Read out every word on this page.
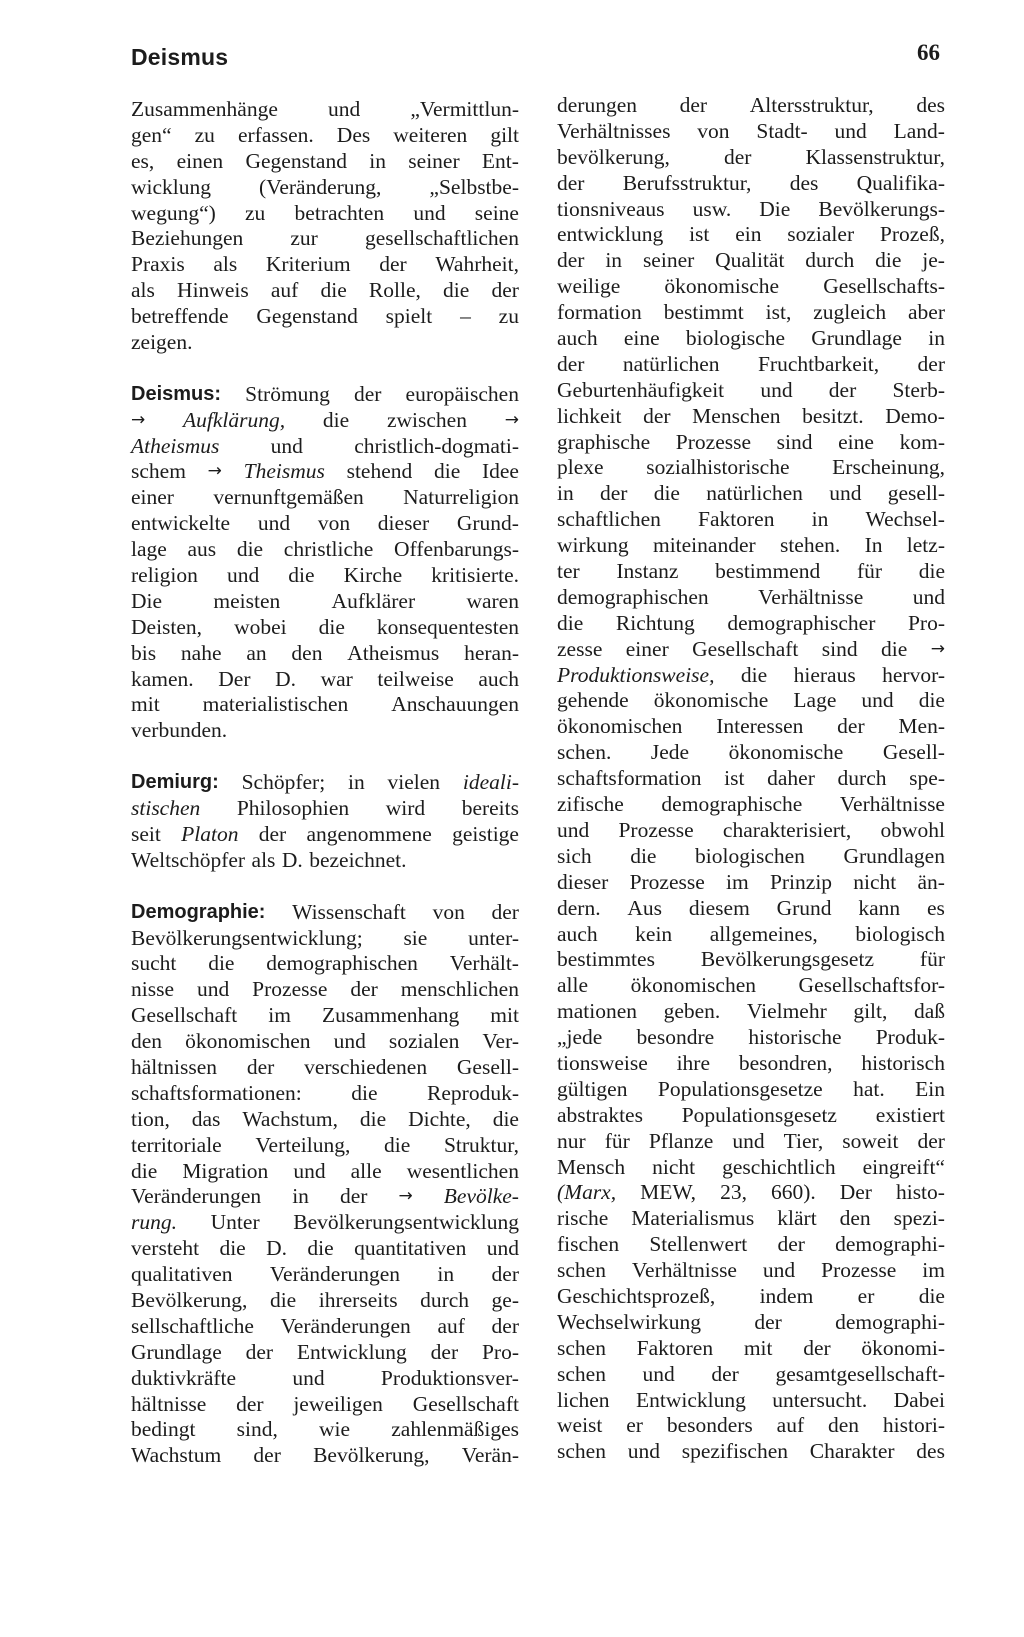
Deismus	66
Zusammenhänge und „Vermittlun-
gen“ zu erfassen. Des weiteren gilt
es, einen Gegenstand in seiner Ent-
wicklung (Veränderung, „Selbstbe-
wegung“) zu betrachten und seine
Beziehungen zur gesellschaftlichen
Praxis als Kriterium der Wahrheit,
als Hinweis auf die Rolle, die der
betreffende Gegenstand spielt – zu
zeigen.
Deismus: Strömung der europäischen
→ Aufklärung, die zwischen →
Atheismus und christlich-dogmati-
schem → Theismus stehend die Idee
einer vernunftgemäßen Naturreligion
entwickelte und von dieser Grund-
lage aus die christliche Offenbarungs-
religion und die Kirche kritisierte.
Die meisten Aufklärer waren
Deisten, wobei die konsequentesten
bis nahe an den Atheismus heran-
kamen. Der D. war teilweise auch
mit materialistischen Anschauungen
verbunden.
Demiurg: Schöpfer; in vielen ideali-
stischen Philosophien wird bereits
seit Platon der angenommene geistige
Weltschöpfer als D. bezeichnet.
Demographie: Wissenschaft von der
Bevölkerungsentwicklung; sie unter-
sucht die demographischen Verhält-
nisse und Prozesse der menschlichen
Gesellschaft im Zusammenhang mit
den ökonomischen und sozialen Ver-
hältnissen der verschiedenen Gesell-
schaftsformationen: die Reproduk-
tion, das Wachstum, die Dichte, die
territoriale Verteilung, die Struktur,
die Migration und alle wesentlichen
Veränderungen in der → Bevölke-
rung. Unter Bevölkerungsentwicklung
versteht die D. die quantitativen und
qualitativen Veränderungen in der
Bevölkerung, die ihrerseits durch ge-
sellschaftliche Veränderungen auf der
Grundlage der Entwicklung der Pro-
duktivkräfte	und	Produktionsver-
hältnisse der jeweiligen Gesellschaft
bedingt sind, wie zahlenmäßiges
Wachstum der Bevölkerung, Verän-
derungen der Altersstruktur, des
Verhältnisses von Stadt- und Land-
bevölkerung,	der	Klassenstruktur,
der Berufsstruktur, des Qualifika-
tionsniveaus usw. Die Bevölkerungs-
entwicklung ist ein sozialer Prozeß,
der in seiner Qualität durch die je-
weilige ökonomische Gesellschafts-
formation bestimmt ist, zugleich aber
auch eine biologische Grundlage in
der natürlichen Fruchtbarkeit, der
Geburtenhäufigkeit und der Sterb-
lichkeit der Menschen besitzt. Demo-
graphische Prozesse sind eine kom-
plexe sozialhistorische Erscheinung,
in der die natürlichen und gesell-
schaftlichen Faktoren in Wechsel-
wirkung miteinander stehen. In letz-
ter Instanz bestimmend für die
demographischen Verhältnisse und
die Richtung demographischer Pro-
zesse einer Gesellschaft sind die →
Produktionsweise, die hieraus hervor-
gehende ökonomische Lage und die
ökonomischen Interessen der Men-
schen. Jede ökonomische Gesell-
schaftsformation ist daher durch spe-
zifische demographische Verhältnisse
und Prozesse charakterisiert, obwohl
sich die biologischen Grundlagen
dieser Prozesse im Prinzip nicht än-
dern. Aus diesem Grund kann es
auch kein allgemeines, biologisch
bestimmtes Bevölkerungsgesetz für
alle ökonomischen Gesellschaftsfor-
mationen geben. Vielmehr gilt, daß
„jede besondre historische Produk-
tionsweise ihre besondren, historisch
gültigen Populationsgesetze hat. Ein
abstraktes Populationsgesetz existiert
nur für Pflanze und Tier, soweit der
Mensch nicht geschichtlich eingreift“
(Marx, MEW, 23, 660). Der histo-
rische Materialismus klärt den spezi-
fischen Stellenwert der demographi-
schen Verhältnisse und Prozesse im
Geschichtsprozeß, indem er die
Wechselwirkung der demographi-
schen Faktoren mit der ökonomi-
schen und der gesamtgesellschaft-
lichen Entwicklung untersucht. Dabei
weist er besonders auf den histori-
schen und spezifischen Charakter des
